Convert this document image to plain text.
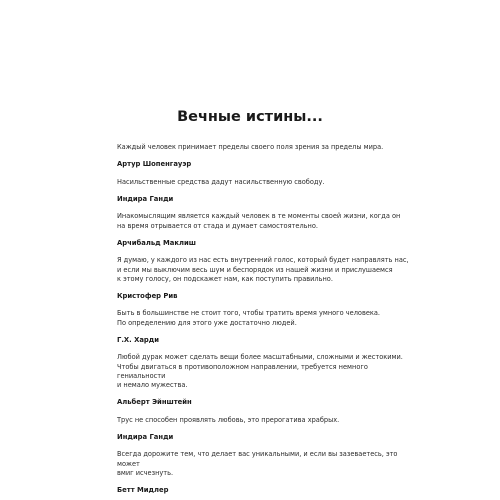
Вечные истины...

Каждый человек принимает пределы своего поля зрения за пределы мира.

Артур Шопенгауэр

Насильственные средства дадут насильственную свободу.

Индира Ганди

Инакомыслящим является каждый человек в те моменты своей жизни, когда он
на время отрывается от стада и думает самостоятельно.

Арчибальд Маклиш

Я думаю, у каждого из нас есть внутренний голос, который будет направлять нас,
и если мы выключим весь шум и беспорядок из нашей жизни и прислушаемся
к этому голосу, он подскажет нам, как поступить правильно.

Кристофер Рив

Быть в большинстве не стоит того, чтобы тратить время умного человека.
По определению для этого уже достаточно людей.

Г.Х. Харди

Любой дурак может сделать вещи более масштабными, сложными и жестокими.
Чтобы двигаться в противоположном направлении, требуется немного гениальности
и немало мужества.

Альберт Эйнштейн

Трус не способен проявлять любовь, это прерогатива храбрых.

Индира Ганди

Всегда дорожите тем, что делает вас уникальными, и если вы зазеваетесь, это может
вмиг исчезнуть.

Бетт Мидлер
